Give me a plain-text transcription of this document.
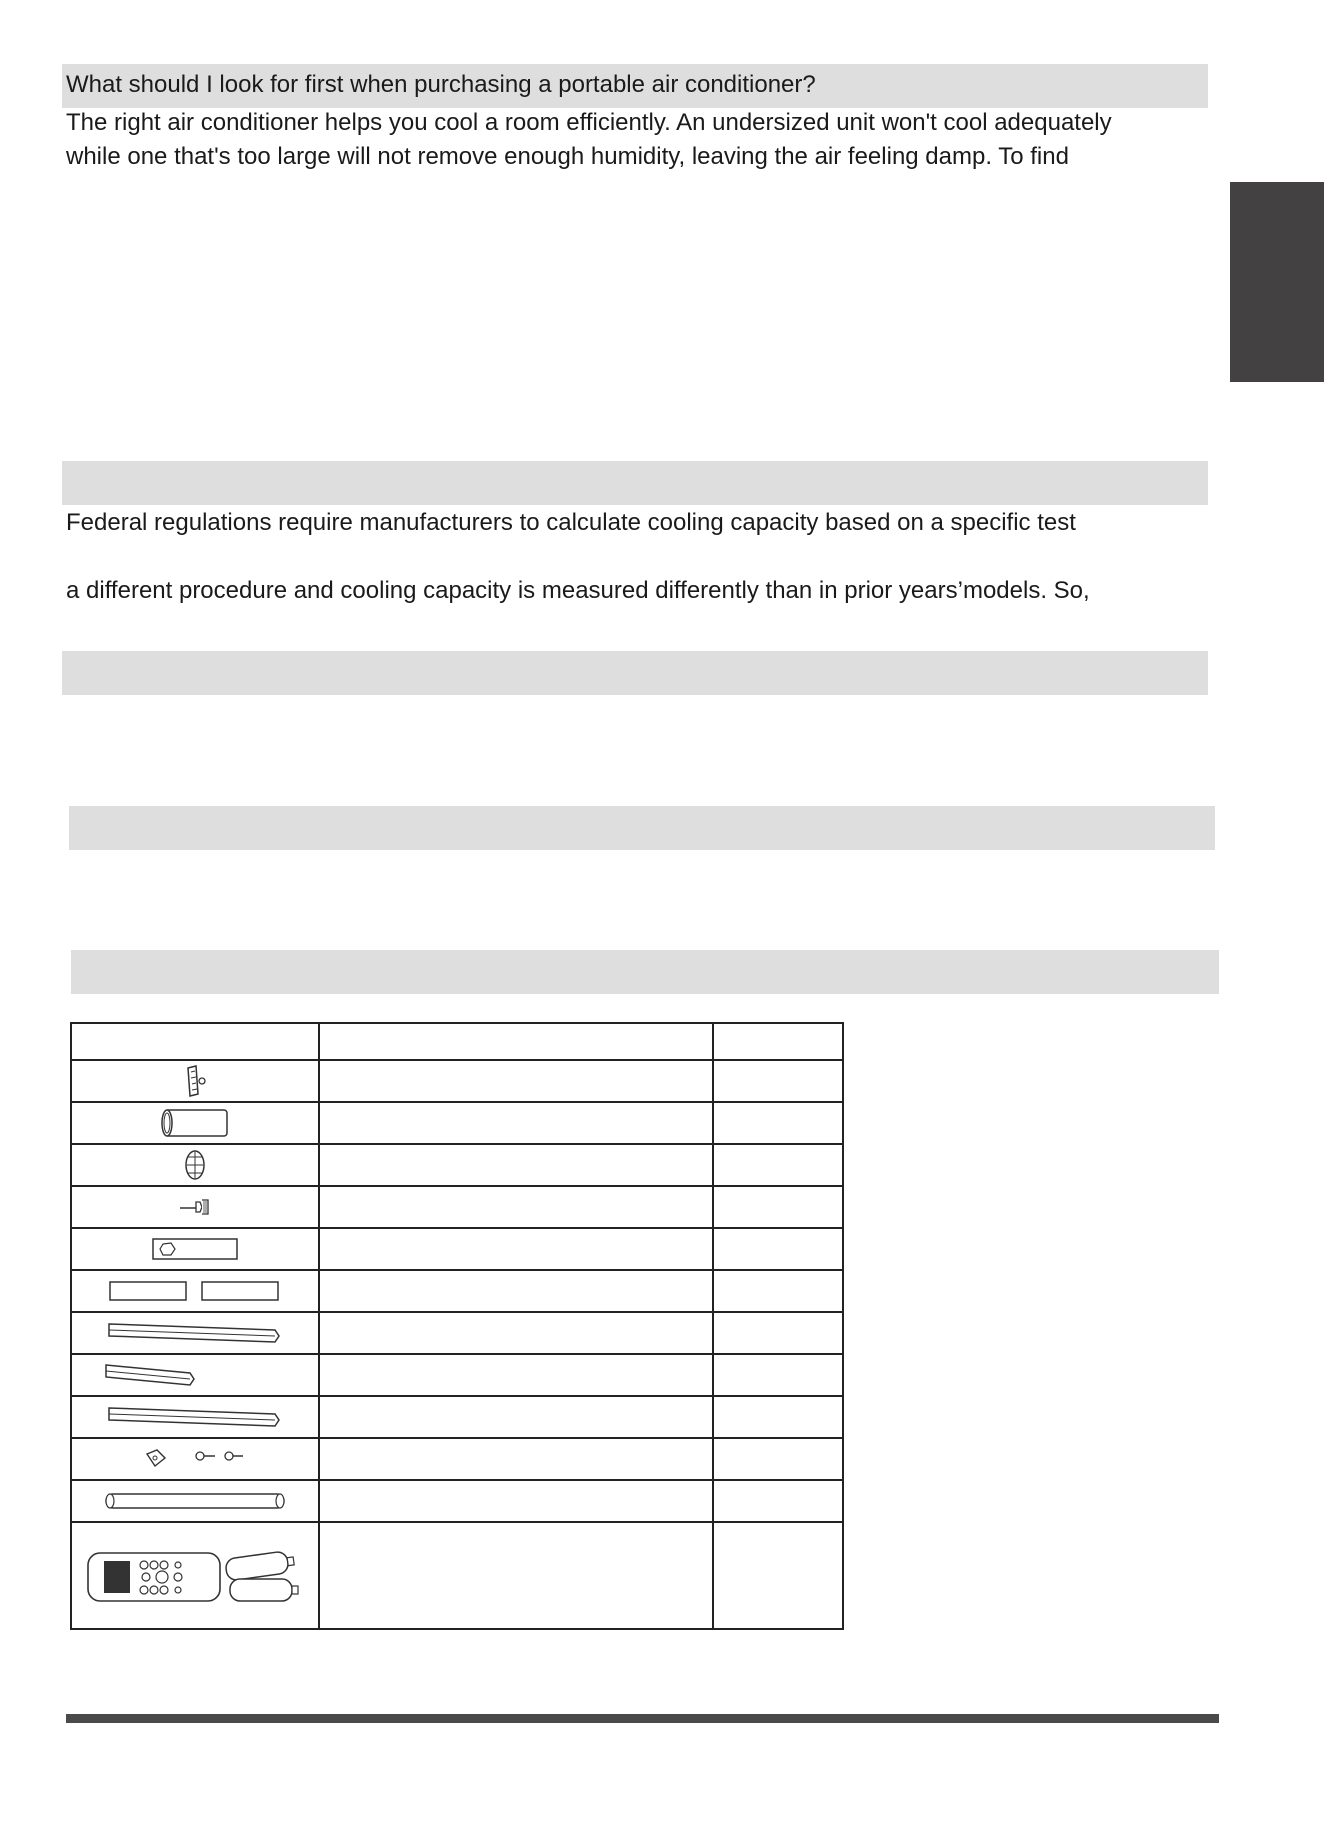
What should I look for first when purchasing a portable air conditioner?
The right air conditioner helps you cool a room efficiently. An undersized unit won't cool adequately
while one that's too large will not remove enough humidity, leaving the air feeling damp. To find
Federal regulations require manufacturers to calculate cooling capacity based on a specific test
a different procedure and cooling capacity is measured differently than in prior years’models. So,
